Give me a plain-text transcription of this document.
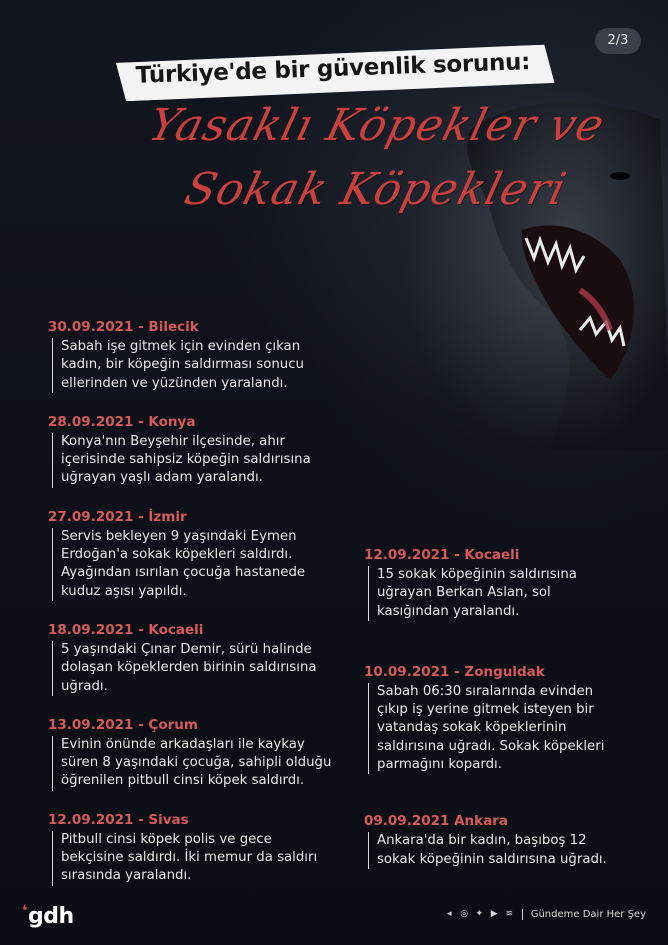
2/3
Türkiye'de bir güvenlik sorunu:
Yasaklı Köpekler ve
Sokak Köpekleri
30.09.2021 - Bilecik
Sabah işe gitmek için evinden çıkan
kadın, bir köpeğin saldırması sonucu
ellerinden ve yüzünden yaralandı.
28.09.2021 - Konya
Konya'nın Beyşehir ilçesinde, ahır
içerisinde sahipsiz köpeğin saldırısına
uğrayan yaşlı adam yaralandı.
27.09.2021 - İzmir
Servis bekleyen 9 yaşındaki Eymen
Erdoğan'a sokak köpekleri saldırdı.
Ayağından ısırılan çocuğa hastanede
kuduz aşısı yapıldı.
18.09.2021 - Kocaeli
5 yaşındaki Çınar Demir, sürü halinde
dolaşan köpeklerden birinin saldırısına
uğradı.
13.09.2021 - Çorum
Evinin önünde arkadaşları ile kaykay
süren 8 yaşındaki çocuğa, sahipli olduğu
öğrenilen pitbull cinsi köpek saldırdı.
12.09.2021 - Sivas
Pitbull cinsi köpek polis ve gece
bekçisine saldırdı. İki memur da saldırı
sırasında yaralandı.
12.09.2021 - Kocaeli
15 sokak köpeğinin saldırısına
uğrayan Berkan Aslan, sol
kasığından yaralandı.
10.09.2021 - Zonguldak
Sabah 06:30 sıralarında evinden
çıkıp iş yerine gitmek isteyen bir
vatandaş sokak köpeklerinin
saldırısına uğradı. Sokak köpekleri
parmağını kopardı.
09.09.2021 Ankara
Ankara'da bir kadın, başıboş 12
sokak köpeğinin saldırısına uğradı.
❛gdh	◂ ◎ ✦ ▶ ≋ Gündeme Dair Her Şey
